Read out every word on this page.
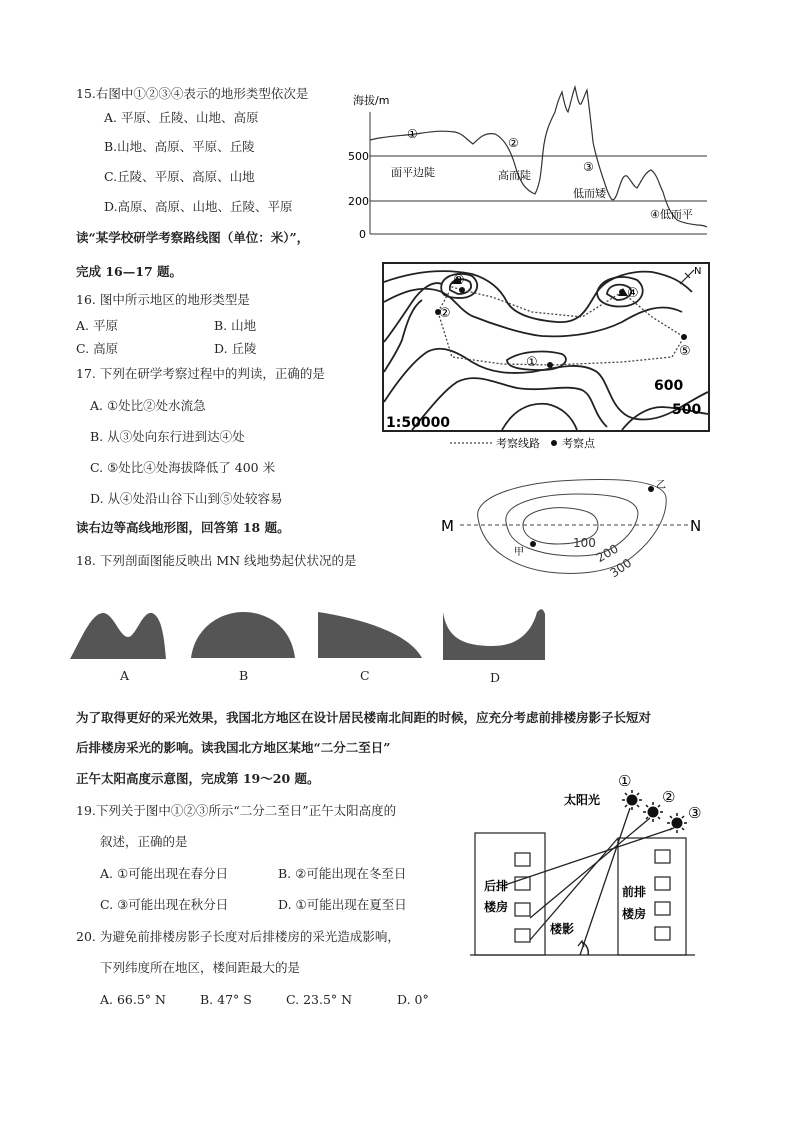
15.右图中①②③④表示的地形类型依次是
A. 平原、丘陵、山地、高原
B.山地、高原、平原、丘陵
C.丘陵、平原、高原、山地
D.高原、高原、山地、丘陵、平原
海拔/m
500
200
0
①
②
③
面平边陡	高而陡
低而矮
④低而平
读“某学校研学考察路线图（单位：米）”，
完成 16—17 题。
16. 图中所示地区的地形类型是
A. 平原	B. 山地
C. 高原	D. 丘陵
17. 下列在研学考察过程中的判读，正确的是
A. ①处比②处水流急
B. 从③处向东行进到达④处
C. ⑤处比④处海拔降低了 400 米
D. 从④处沿山谷下山到⑤处较容易
③
②
④
①
⑤
N
600
500
1:50000
考察线路 考察点
读右边等高线地形图，回答第 18 题。
18. 下列剖面图能反映出 MN 线地势起伏状况的是
M	N
甲
乙
100
200
300
A	B	C	D
为了取得更好的采光效果，我国北方地区在设计居民楼南北间距的时候，应充分考虑前排楼房影子长短对
后排楼房采光的影响。读我国北方地区某地“二分二至日”
正午太阳高度示意图，完成第 19～20 题。
19.下列关于图中①②③所示“二分二至日”正午太阳高度的
叙述，正确的是
A. ①可能出现在春分日	B. ②可能出现在冬至日
C. ③可能出现在秋分日	D. ①可能出现在夏至日
20. 为避免前排楼房影子长度对后排楼房的采光造成影响，
下列纬度所在地区，楼间距最大的是
A. 66.5° N	B. 47° S	C. 23.5° N	D. 0°
太阳光
①
②
③
后排
楼房
前排
楼房
楼影
